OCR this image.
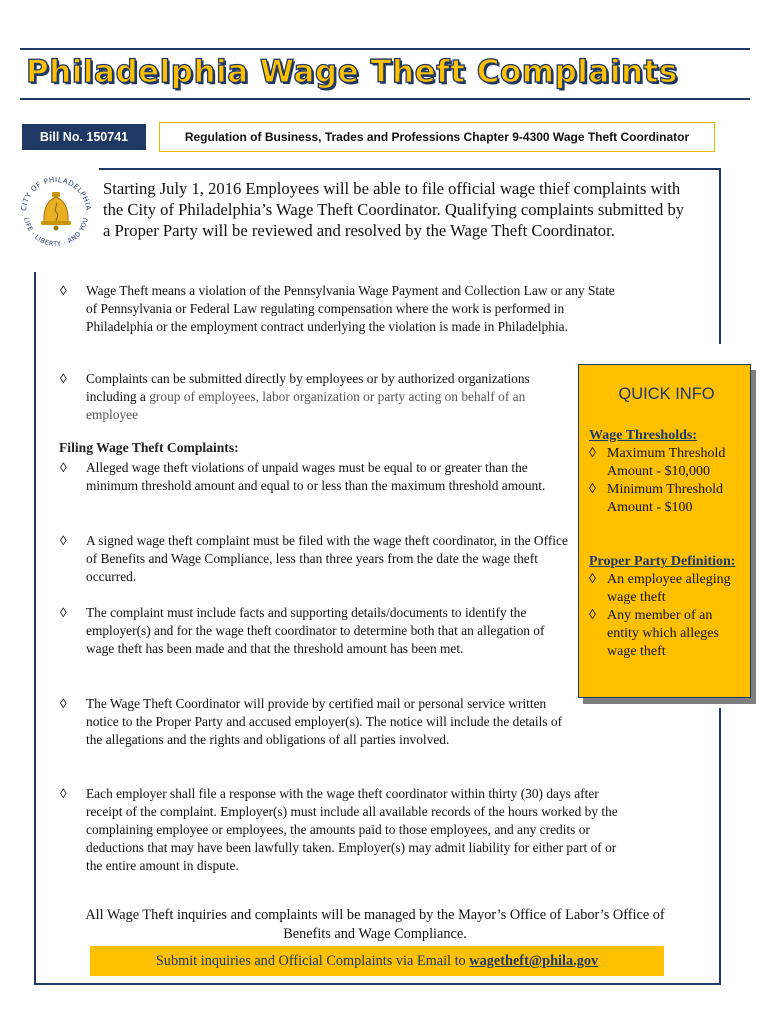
Philadelphia Wage Theft Complaints
Bill No. 150741	Regulation of Business, Trades and Professions Chapter 9-4300 Wage Theft Coordinator
CITY OF PHILADELPHIA
LIFE · LIBERTY · AND YOU
Starting July 1, 2016 Employees will be able to file official wage thief complaints with the City of Philadelphia’s Wage Theft Coordinator. Qualifying complaints submitted by a Proper Party will be reviewed and resolved by the Wage Theft Coordinator.
◊ Wage Theft means a violation of the Pennsylvania Wage Payment and Collection Law or any State of Pennsylvania or Federal Law regulating compensation where the work is performed in Philadelphia or the employment contract underlying the violation is made in Philadelphia.
◊ Complaints can be submitted directly by employees or by authorized organizations including a group of employees, labor organization or party acting on behalf of an employee
Filing Wage Theft Complaints:
◊ Alleged wage theft violations of unpaid wages must be equal to or greater than the minimum threshold amount and equal to or less than the maximum threshold amount.
◊ A signed wage theft complaint must be filed with the wage theft coordinator, in the Office of Benefits and Wage Compliance, less than three years from the date the wage theft occurred.
◊ The complaint must include facts and supporting details/documents to identify the employer(s) and for the wage theft coordinator to determine both that an allegation of wage theft has been made and that the threshold amount has been met.
◊ The Wage Theft Coordinator will provide by certified mail or personal service written notice to the Proper Party and accused employer(s). The notice will include the details of the allegations and the rights and obligations of all parties involved.
◊ Each employer shall file a response with the wage theft coordinator within thirty (30) days after receipt of the complaint. Employer(s) must include all available records of the hours worked by the complaining employee or employees, the amounts paid to those employees, and any credits or deductions that may have been lawfully taken. Employer(s) may admit liability for either part of or the entire amount in dispute.
QUICK INFO
Wage Thresholds:
◊ Maximum Threshold Amount - $10,000
◊ Minimum Threshold Amount - $100
Proper Party Definition:
◊ An employee alleging wage theft
◊ Any member of an entity which alleges wage theft
All Wage Theft inquiries and complaints will be managed by the Mayor’s Office of Labor’s Office of Benefits and Wage Compliance.
Submit inquiries and Official Complaints via Email to wagetheft@phila.gov
